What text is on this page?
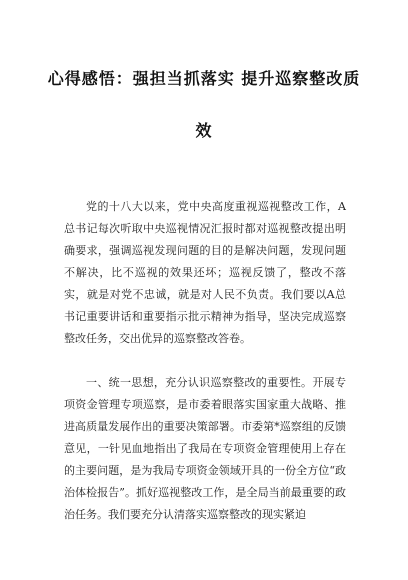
心得感悟：强担当抓落实 提升巡察整改质
效

党的十八大以来，党中央高度重视巡视整改工作，A总书记每次听取中央巡视情况汇报时都对巡视整改提出明确要求，强调巡视发现问题的目的是解决问题，发现问题不解决，比不巡视的效果还坏；巡视反馈了，整改不落实，就是对党不忠诚，就是对人民不负责。我们要以A总书记重要讲话和重要指示批示精神为指导，坚决完成巡察整改任务，交出优异的巡察整改答卷。

一、统一思想，充分认识巡察整改的重要性。开展专项资金管理专项巡察，是市委着眼落实国家重大战略、推进高质量发展作出的重要决策部署。市委第*巡察组的反馈意见，一针见血地指出了我局在专项资金管理使用上存在的主要问题，是为我局专项资金领域开具的一份全方位“政治体检报告”。抓好巡视整改工作，是全局当前最重要的政治任务。我们要充分认清落实巡察整改的现实紧迫
